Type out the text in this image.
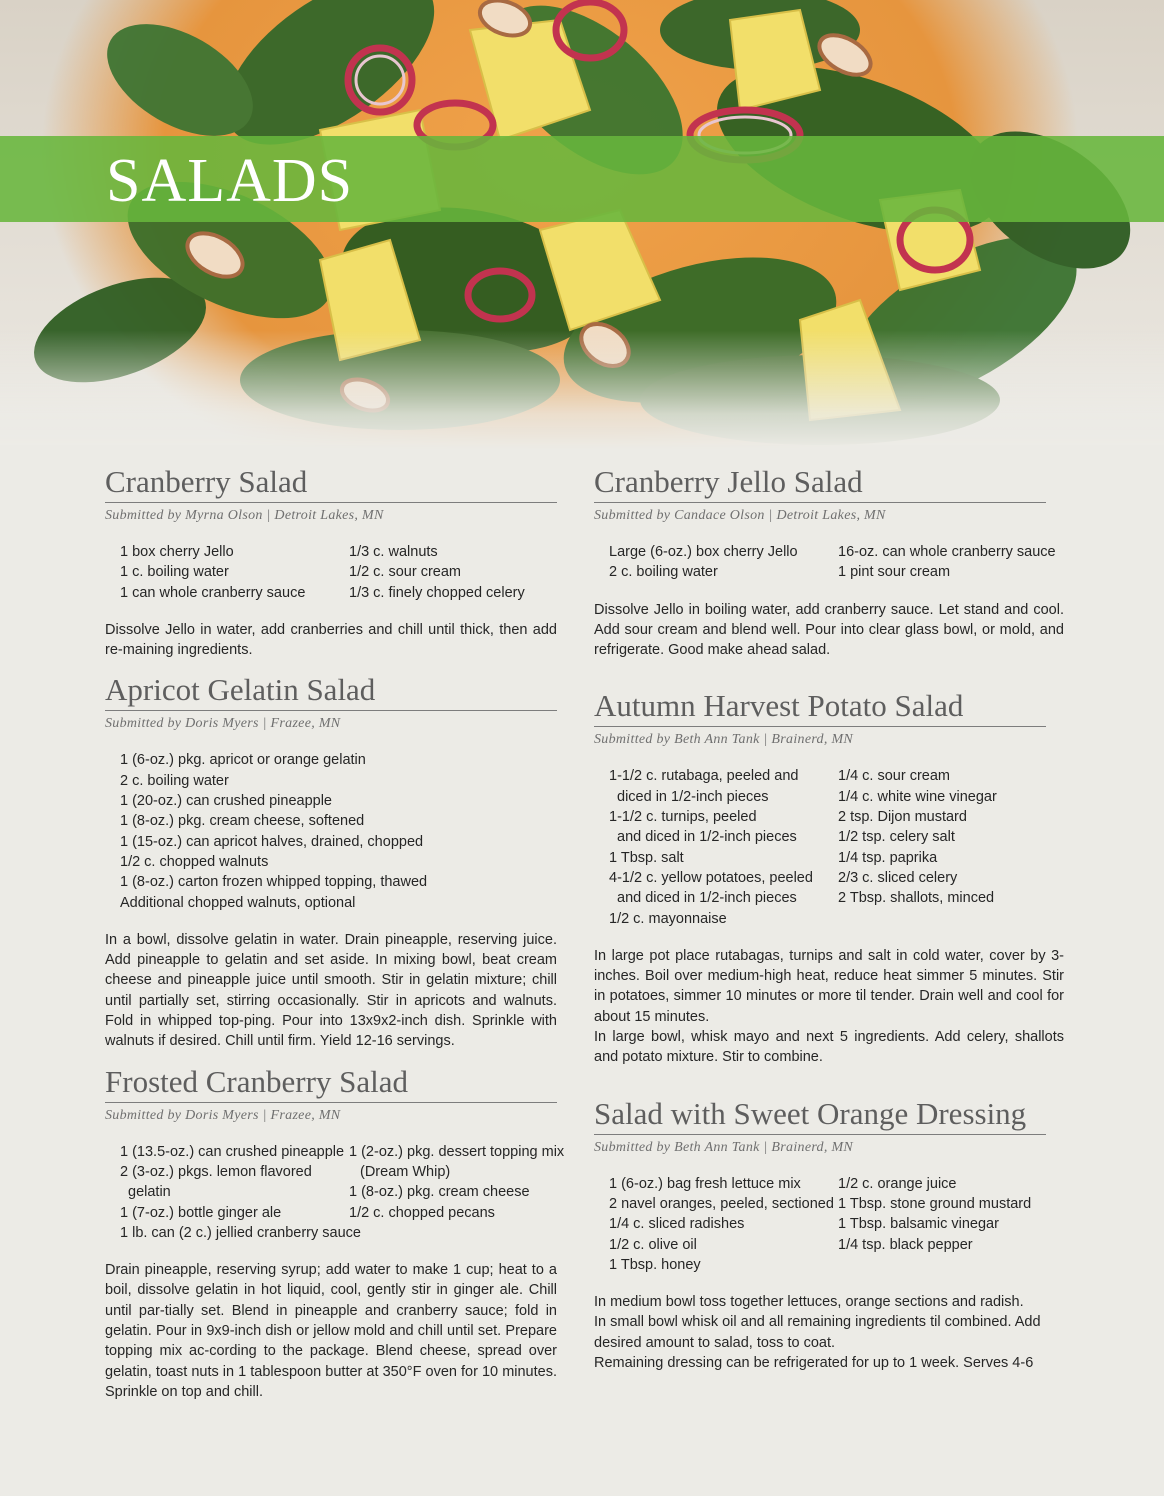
SALADS
Cranberry Salad
Submitted by Myrna Olson | Detroit Lakes, MN
1 box cherry Jello
1 c. boiling water
1 can whole cranberry sauce
1/3 c. walnuts
1/2 c. sour cream
1/3 c. finely chopped celery

Dissolve Jello in water, add cranberries and chill until thick, then add re-maining ingredients.

Apricot Gelatin Salad
Submitted by Doris Myers | Frazee, MN
1 (6-oz.) pkg. apricot or orange gelatin
2 c. boiling water
1 (20-oz.) can crushed pineapple
1 (8-oz.) pkg. cream cheese, softened
1 (15-oz.) can apricot halves, drained, chopped
1/2 c. chopped walnuts
1 (8-oz.) carton frozen whipped topping, thawed
Additional chopped walnuts, optional

In a bowl, dissolve gelatin in water. Drain pineapple, reserving juice. Add pineapple to gelatin and set aside. In mixing bowl, beat cream cheese and pineapple juice until smooth. Stir in gelatin mixture; chill until partially set, stirring occasionally. Stir in apricots and walnuts. Fold in whipped top-ping. Pour into 13x9x2-inch dish. Sprinkle with walnuts if desired. Chill until firm. Yield 12-16 servings.

Frosted Cranberry Salad
Submitted by Doris Myers | Frazee, MN
1 (13.5-oz.) can crushed pineapple
2 (3-oz.) pkgs. lemon flavored
gelatin
1 (7-oz.) bottle ginger ale
1 lb. can (2 c.) jellied cranberry sauce
1 (2-oz.) pkg. dessert topping mix
(Dream Whip)
1 (8-oz.) pkg. cream cheese
1/2 c. chopped pecans

Drain pineapple, reserving syrup; add water to make 1 cup; heat to a boil, dissolve gelatin in hot liquid, cool, gently stir in ginger ale. Chill until par-tially set. Blend in pineapple and cranberry sauce; fold in gelatin. Pour in 9x9-inch dish or jellow mold and chill until set. Prepare topping mix ac-cording to the package. Blend cheese, spread over gelatin, toast nuts in 1 tablespoon butter at 350°F oven for 10 minutes. Sprinkle on top and chill.

Cranberry Jello Salad
Submitted by Candace Olson | Detroit Lakes, MN
Large (6-oz.) box cherry Jello
2 c. boiling water
16-oz. can whole cranberry sauce
1 pint sour cream

Dissolve Jello in boiling water, add cranberry sauce. Let stand and cool. Add sour cream and blend well. Pour into clear glass bowl, or mold, and refrigerate. Good make ahead salad.

Autumn Harvest Potato Salad
Submitted by Beth Ann Tank | Brainerd, MN
1-1/2 c. rutabaga, peeled and
diced in 1/2-inch pieces
1-1/2 c. turnips, peeled
and diced in 1/2-inch pieces
1 Tbsp. salt
4-1/2 c. yellow potatoes, peeled
and diced in 1/2-inch pieces
1/2 c. mayonnaise
1/4 c. sour cream
1/4 c. white wine vinegar
2 tsp. Dijon mustard
1/2 tsp. celery salt
1/4 tsp. paprika
2/3 c. sliced celery
2 Tbsp. shallots, minced

In large pot place rutabagas, turnips and salt in cold water, cover by 3-inches. Boil over medium-high heat, reduce heat simmer 5 minutes. Stir in potatoes, simmer 10 minutes or more til tender. Drain well and cool for about 15 minutes.

In large bowl, whisk mayo and next 5 ingredients. Add celery, shallots and potato mixture. Stir to combine.

Salad with Sweet Orange Dressing
Submitted by Beth Ann Tank | Brainerd, MN
1 (6-oz.) bag fresh lettuce mix
2 navel oranges, peeled, sectioned
1/4 c. sliced radishes
1/2 c. olive oil
1 Tbsp. honey
1/2 c. orange juice
1 Tbsp. stone ground mustard
1 Tbsp. balsamic vinegar
1/4 tsp. black pepper

In medium bowl toss together lettuces, orange sections and radish.

In small bowl whisk oil and all remaining ingredients til combined. Add desired amount to salad, toss to coat.

Remaining dressing can be refrigerated for up to 1 week. Serves 4-6
